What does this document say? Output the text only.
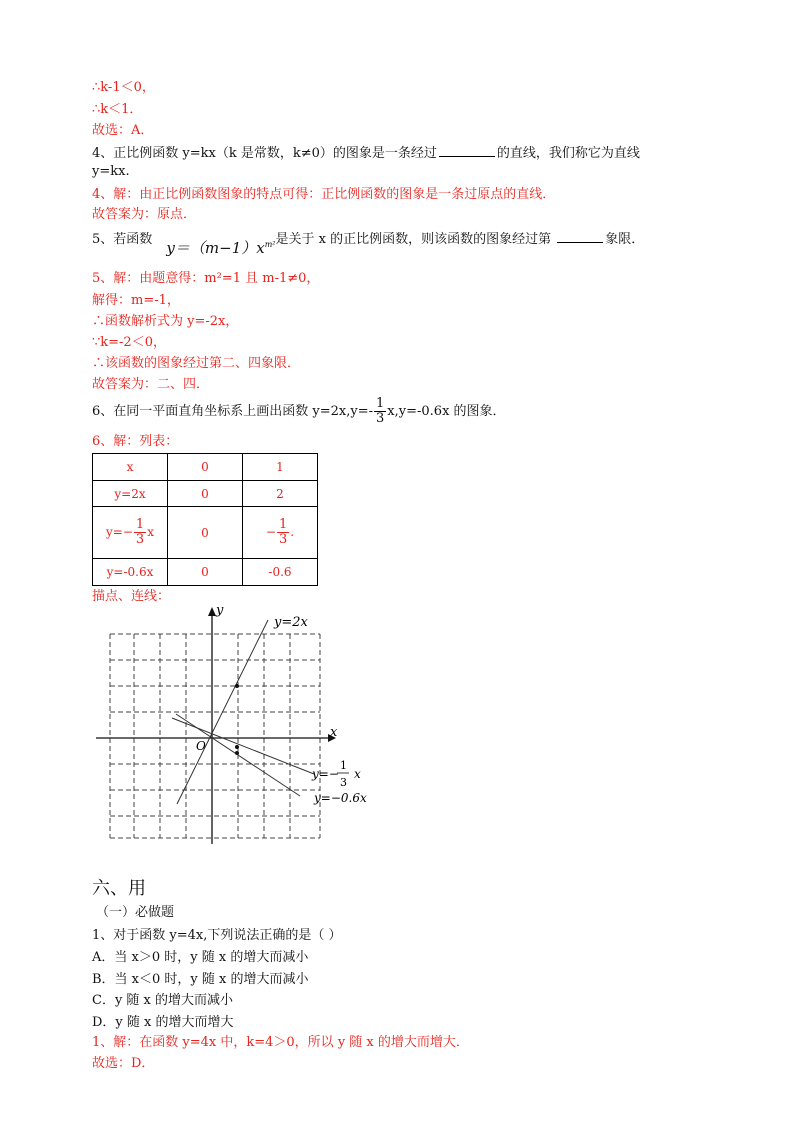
∴k-1＜0，
∴k＜1．
故选：A．
4、正比例函数 y=kx（k 是常数，k≠0）的图象是一条经过	的直线，我们称它为直线
y=kx.
4、解：由正比例函数图象的特点可得：正比例函数的图象是一条过原点的直线．
故答案为：原点．
5、若函数 $y=(m-1)x^{m^2}$是关于 x 的正比例函数，则该函数的图象经过第	象限．
5、解：由题意得：m²=1 且 m-1≠0，
解得：m=-1，
∴函数解析式为 y=-2x，
∵k=-2＜0，
∴该函数的图象经过第二、四象限．
故答案为：二、四．
6、在同一平面直角坐标系上画出函数 $y=2x,y=- \frac{1}{3} x,y=-0.6x$ 的图象．
6、解：列表：
x	0	1
y=2x	0	2
$y=- \frac{1}{3}$ x	0	− $\frac{1}{3}$ .
y=-0.6x	0	-0.6
描点、连线：
x
y
O
y=2x
y=−
1
3
x
y=−0.6x
六、用
（一）必做题
1、对于函数 y=4x,下列说法正确的是（ ）
A．当 x＞0 时，y 随 x 的增大而减小
B．当 x＜0 时，y 随 x 的增大而减小
C．y 随 x 的增大而减小
D．y 随 x 的增大而增大
1、解：在函数 y=4x 中，k=4＞0，所以 y 随 x 的增大而增大．
故选：D．
